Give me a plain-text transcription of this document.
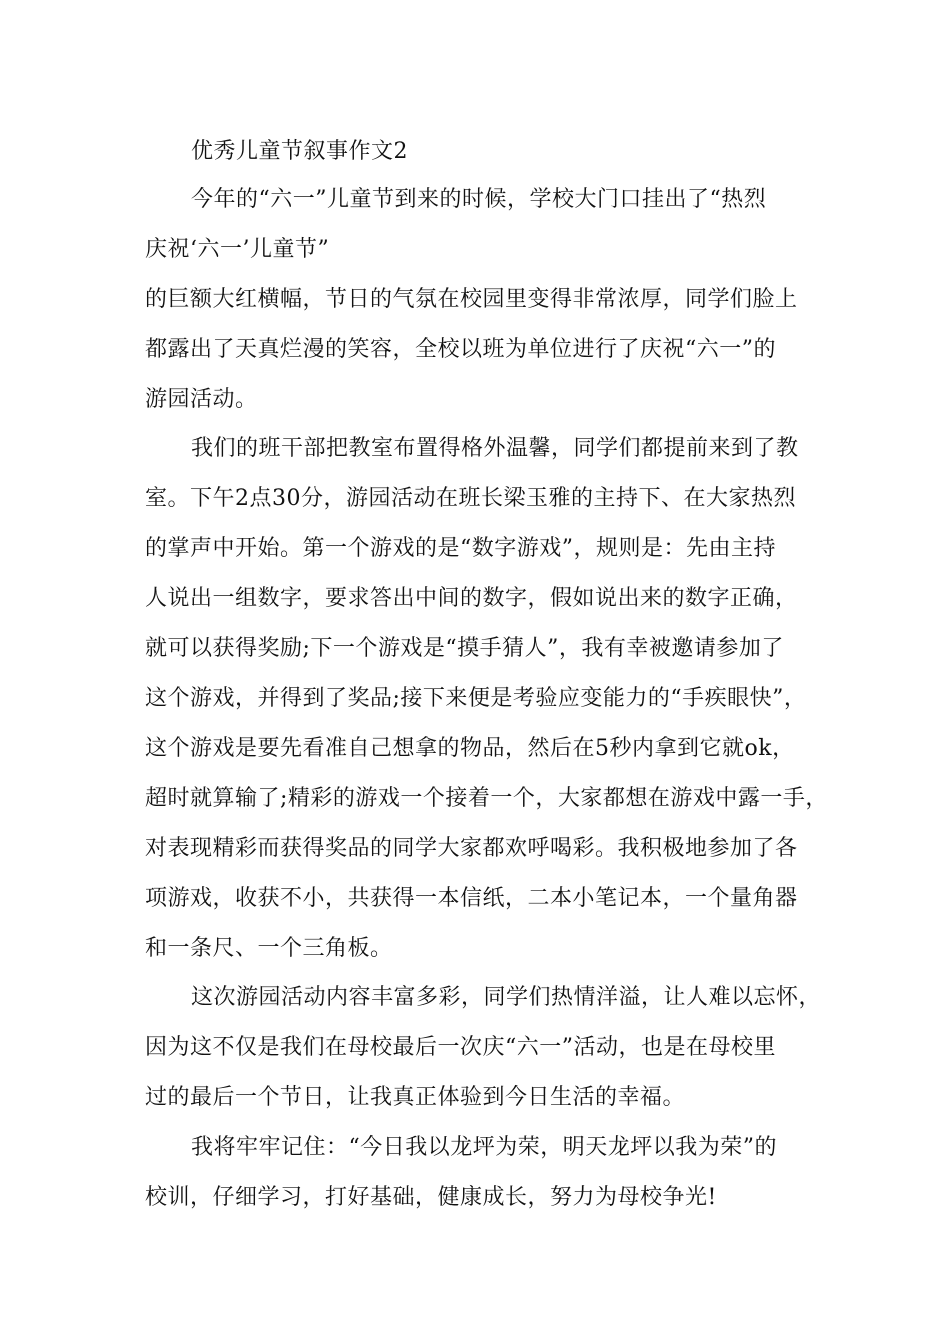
优秀儿童节叙事作文2
今年的“六一”儿童节到来的时候，学校大门口挂出了“热烈
庆祝‘六一’儿童节”
的巨额大红横幅，节日的气氛在校园里变得非常浓厚，同学们脸上
都露出了天真烂漫的笑容，全校以班为单位进行了庆祝“六一”的
游园活动。
我们的班干部把教室布置得格外温馨，同学们都提前来到了教
室。下午2点30分，游园活动在班长梁玉雅的主持下、在大家热烈
的掌声中开始。第一个游戏的是“数字游戏”，规则是：先由主持
人说出一组数字，要求答出中间的数字，假如说出来的数字正确，
就可以获得奖励;下一个游戏是“摸手猜人”，我有幸被邀请参加了
这个游戏，并得到了奖品;接下来便是考验应变能力的“手疾眼快”，
这个游戏是要先看准自己想拿的物品，然后在5秒内拿到它就ok，
超时就算输了;精彩的游戏一个接着一个，大家都想在游戏中露一手，
对表现精彩而获得奖品的同学大家都欢呼喝彩。我积极地参加了各
项游戏，收获不小，共获得一本信纸，二本小笔记本，一个量角器
和一条尺、一个三角板。
这次游园活动内容丰富多彩，同学们热情洋溢，让人难以忘怀，
因为这不仅是我们在母校最后一次庆“六一”活动，也是在母校里
过的最后一个节日，让我真正体验到今日生活的幸福。
我将牢牢记住：“今日我以龙坪为荣，明天龙坪以我为荣”的
校训，仔细学习，打好基础，健康成长，努力为母校争光!
